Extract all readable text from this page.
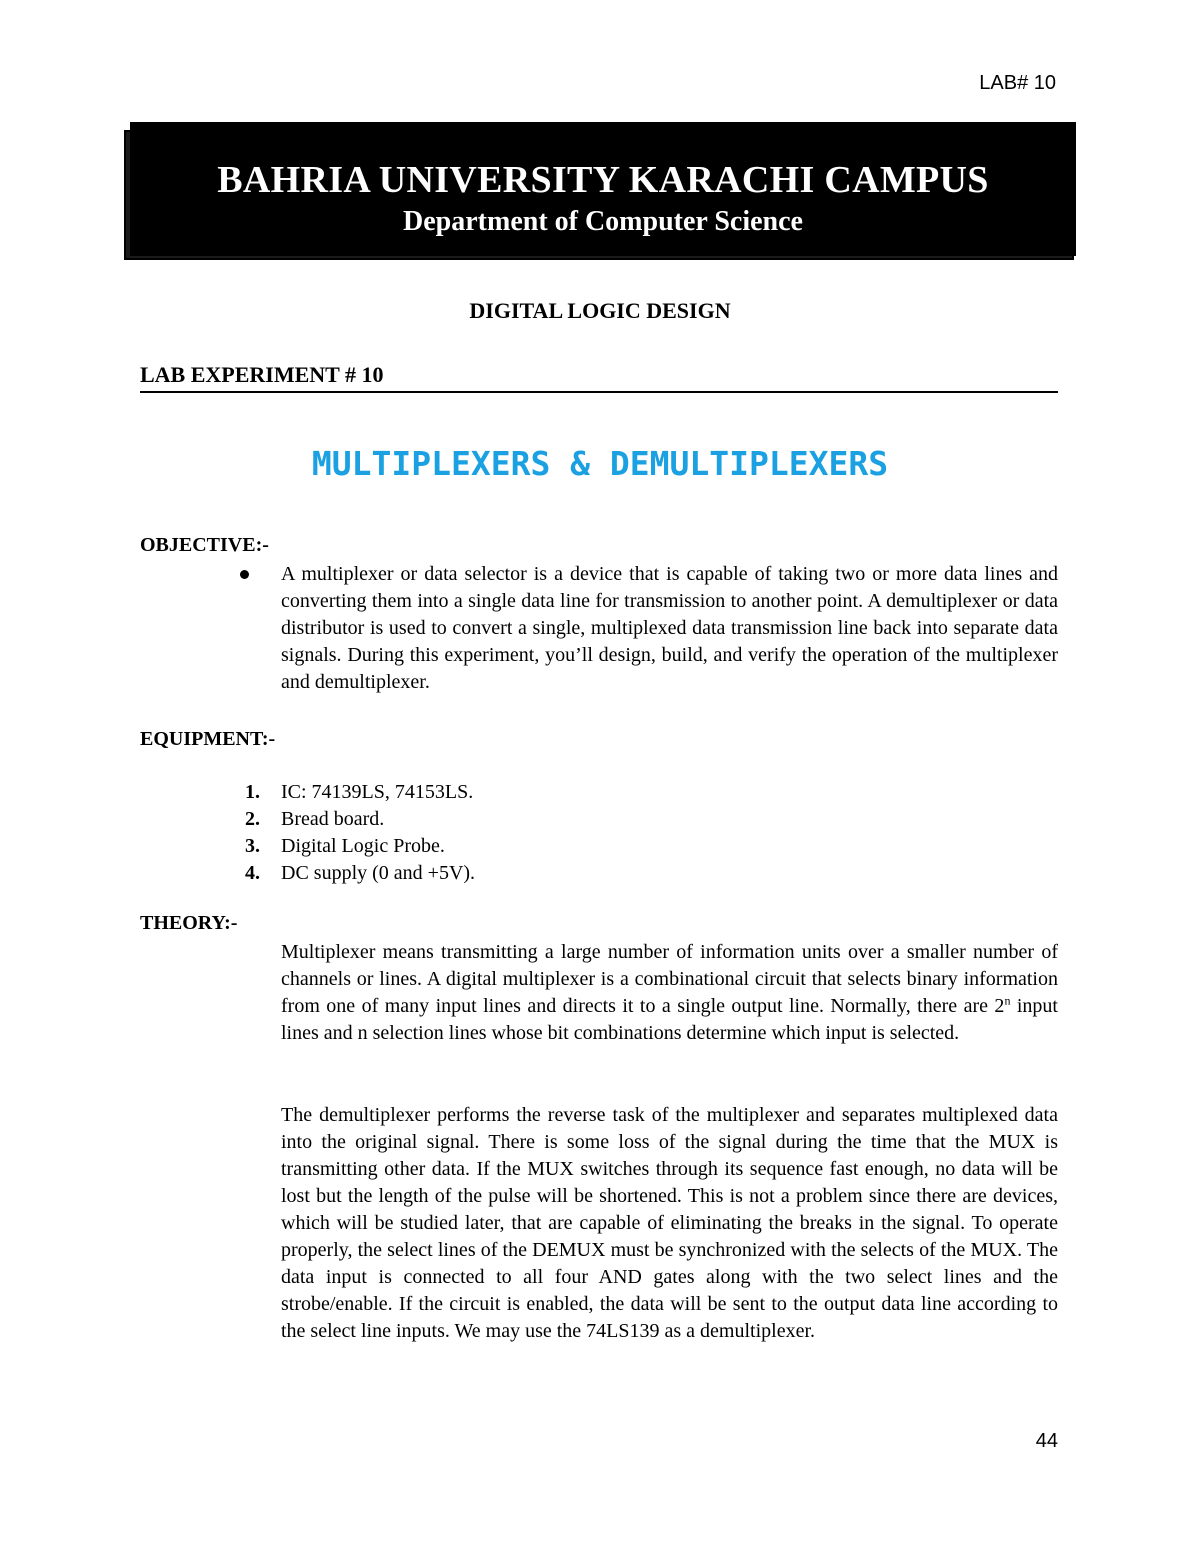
LAB# 10
BAHRIA UNIVERSITY KARACHI CAMPUS
Department of Computer Science
DIGITAL LOGIC DESIGN
LAB EXPERIMENT # 10
MULTIPLEXERS & DEMULTIPLEXERS
OBJECTIVE:-
A multiplexer or data selector is a device that is capable of taking two or more data lines and converting them into a single data line for transmission to another point. A demultiplexer or data distributor is used to convert a single, multiplexed data transmission line back into separate data signals. During this experiment, you’ll design, build, and verify the operation of the multiplexer and demultiplexer.
EQUIPMENT:-
1. IC: 74139LS, 74153LS.
2. Bread board.
3. Digital Logic Probe.
4. DC supply (0 and +5V).
THEORY:-

Multiplexer means transmitting a large number of information units over a smaller number of channels or lines. A digital multiplexer is a combinational circuit that selects binary information from one of many input lines and directs it to a single output line. Normally, there are 2$^n$ input lines and n selection lines whose bit combinations determine which input is selected.

The demultiplexer performs the reverse task of the multiplexer and separates multiplexed data into the original signal. There is some loss of the signal during the time that the MUX is transmitting other data. If the MUX switches through its sequence fast enough, no data will be lost but the length of the pulse will be shortened. This is not a problem since there are devices, which will be studied later, that are capable of eliminating the breaks in the signal. To operate properly, the select lines of the DEMUX must be synchronized with the selects of the MUX. The data input is connected to all four AND gates along with the two select lines and the strobe/enable. If the circuit is enabled, the data will be sent to the output data line according to the select line inputs. We may use the 74LS139 as a demultiplexer.

44
